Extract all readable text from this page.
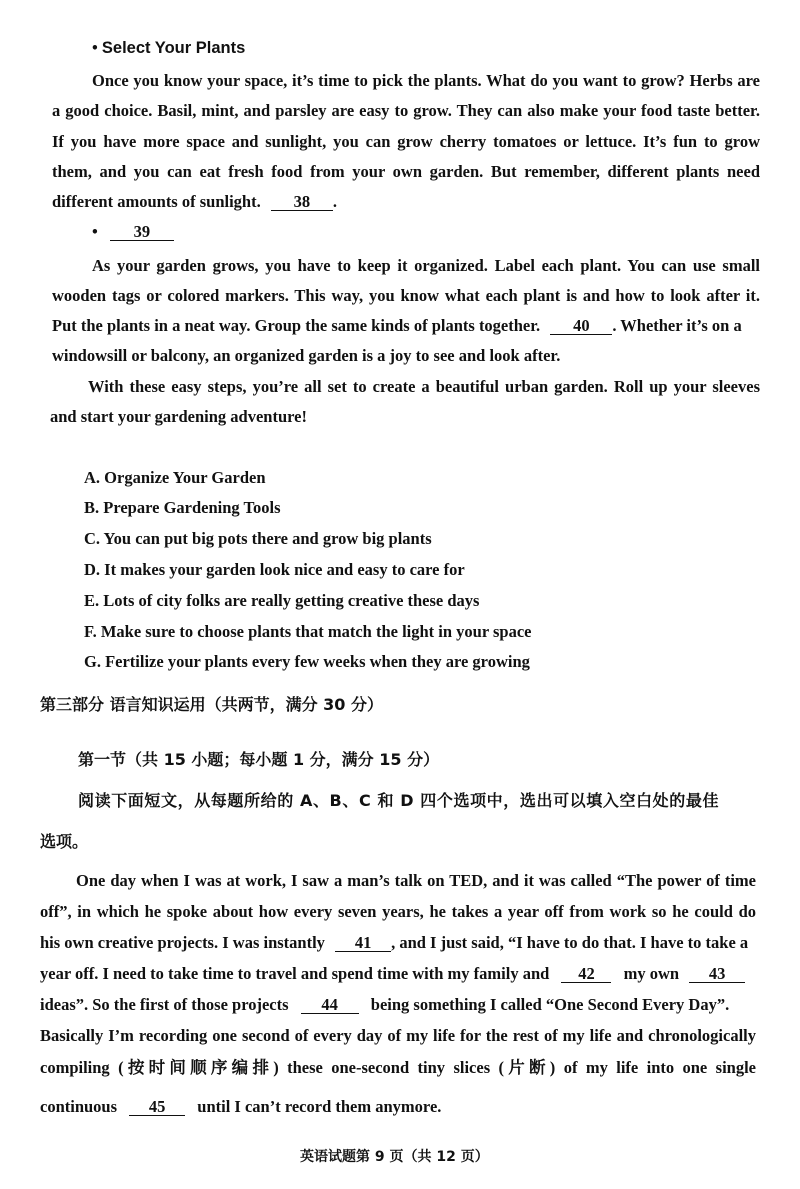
• Select Your Plants
Once you know your space, it’s time to pick the plants. What do you want to grow? Herbs are
a good choice. Basil, mint, and parsley are easy to grow. They can also make your food taste better.
If you have more space and sunlight, you can grow cherry tomatoes or lettuce. It’s fun to grow
them, and you can eat fresh food from your own garden. But remember, different plants need
different amounts of sunlight. 38 .
• 39
As your garden grows, you have to keep it organized. Label each plant. You can use small
wooden tags or colored markers. This way, you know what each plant is and how to look after it.
Put the plants in a neat way. Group the same kinds of plants together. 40 . Whether it’s on a
windowsill or balcony, an organized garden is a joy to see and look after.
With these easy steps, you’re all set to create a beautiful urban garden. Roll up your sleeves
and start your gardening adventure!
A. Organize Your Garden
B. Prepare Gardening Tools
C. You can put big pots there and grow big plants
D. It makes your garden look nice and easy to care for
E. Lots of city folks are really getting creative these days
F. Make sure to choose plants that match the light in your space
G. Fertilize your plants every few weeks when they are growing
第三部分 语言知识运用（共两节，满分 30 分）
第一节（共 15 小题；每小题 1 分，满分 15 分）
阅读下面短文，从每题所给的 A、B、C 和 D 四个选项中，选出可以填入空白处的最佳
选项。
One day when I was at work, I saw a man’s talk on TED, and it was called “The power of time
off”, in which he spoke about how every seven years, he takes a year off from work so he could do
his own creative projects. I was instantly 41 , and I just said, “I have to do that. I have to take a
year off. I need to take time to travel and spend time with my family and 42 my own 43
ideas”. So the first of those projects 44 being something I called “One Second Every Day”.
Basically I’m recording one second of every day of my life for the rest of my life and chronologically
compiling (按时间顺序编排) these one-second tiny slices (片断) of my life into one single
continuous 45 until I can’t record them anymore.
英语试题第 9 页（共 12 页）
